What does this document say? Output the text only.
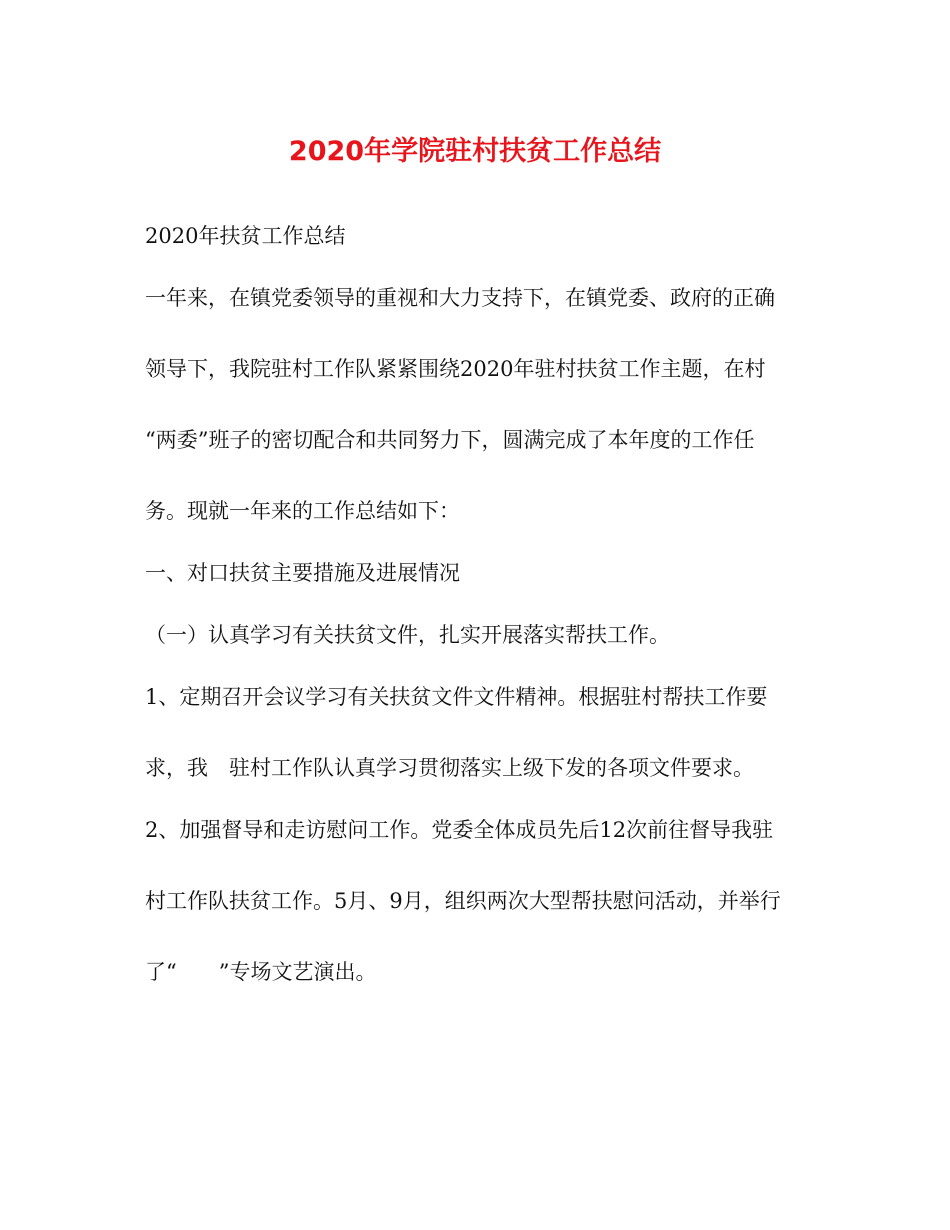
2020年学院驻村扶贫工作总结
2020年扶贫工作总结
一年来，在镇党委领导的重视和大力支持下，在镇党委、政府的正确
领导下，我院驻村工作队紧紧围绕2020年驻村扶贫工作主题，在村
“两委”班子的密切配合和共同努力下，圆满完成了本年度的工作任
务。现就一年来的工作总结如下：
一、对口扶贫主要措施及进展情况
（一）认真学习有关扶贫文件，扎实开展落实帮扶工作。
1、定期召开会议学习有关扶贫文件文件精神。根据驻村帮扶工作要
求，我　驻村工作队认真学习贯彻落实上级下发的各项文件要求。
2、加强督导和走访慰问工作。党委全体成员先后12次前往督导我驻
村工作队扶贫工作。5月、9月，组织两次大型帮扶慰问活动，并举行
了“　　”专场文艺演出。
